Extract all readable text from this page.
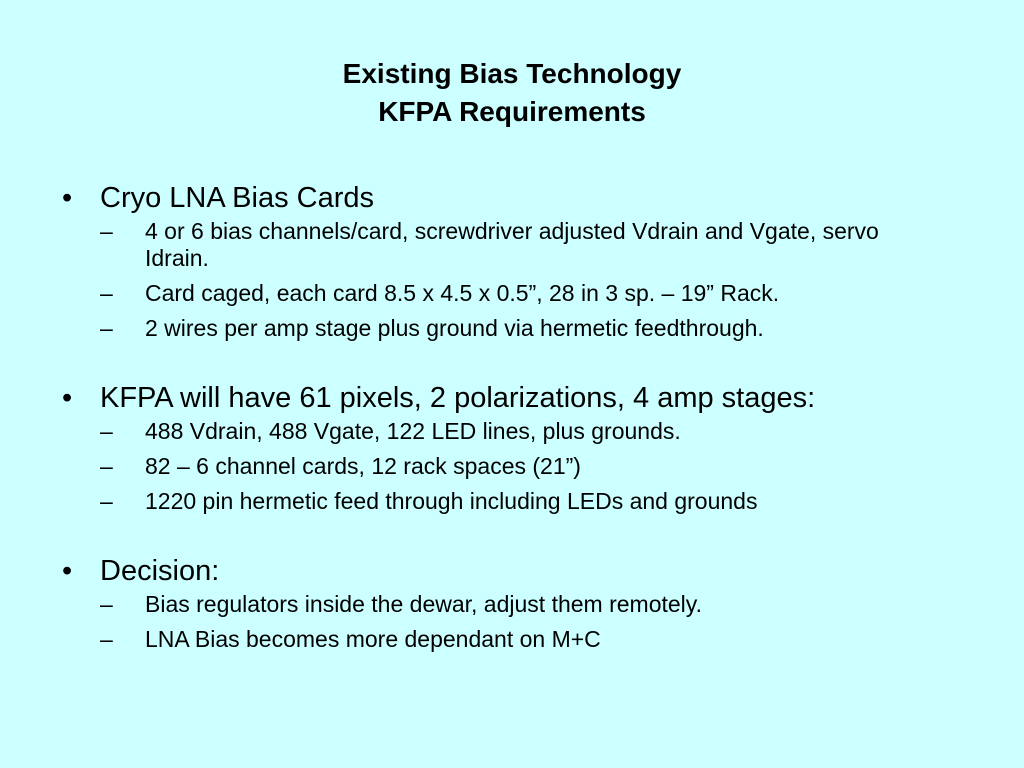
Existing Bias Technology

KFPA Requirements

• Cryo LNA Bias Cards
–	4 or 6 bias channels/card, screwdriver adjusted Vdrain and Vgate, servo Idrain.
–	Card caged, each card 8.5 x 4.5 x 0.5”, 28 in 3 sp. – 19” Rack.
–	2 wires per amp stage plus ground via hermetic feedthrough.
• KFPA will have 61 pixels, 2 polarizations, 4 amp stages:
–	488 Vdrain, 488 Vgate, 122 LED lines, plus grounds.
–	82 – 6 channel cards, 12 rack spaces (21”)
–	1220 pin hermetic feed through including LEDs and grounds
• Decision:
–	Bias regulators inside the dewar, adjust them remotely.
–	LNA Bias becomes more dependant on M+C
